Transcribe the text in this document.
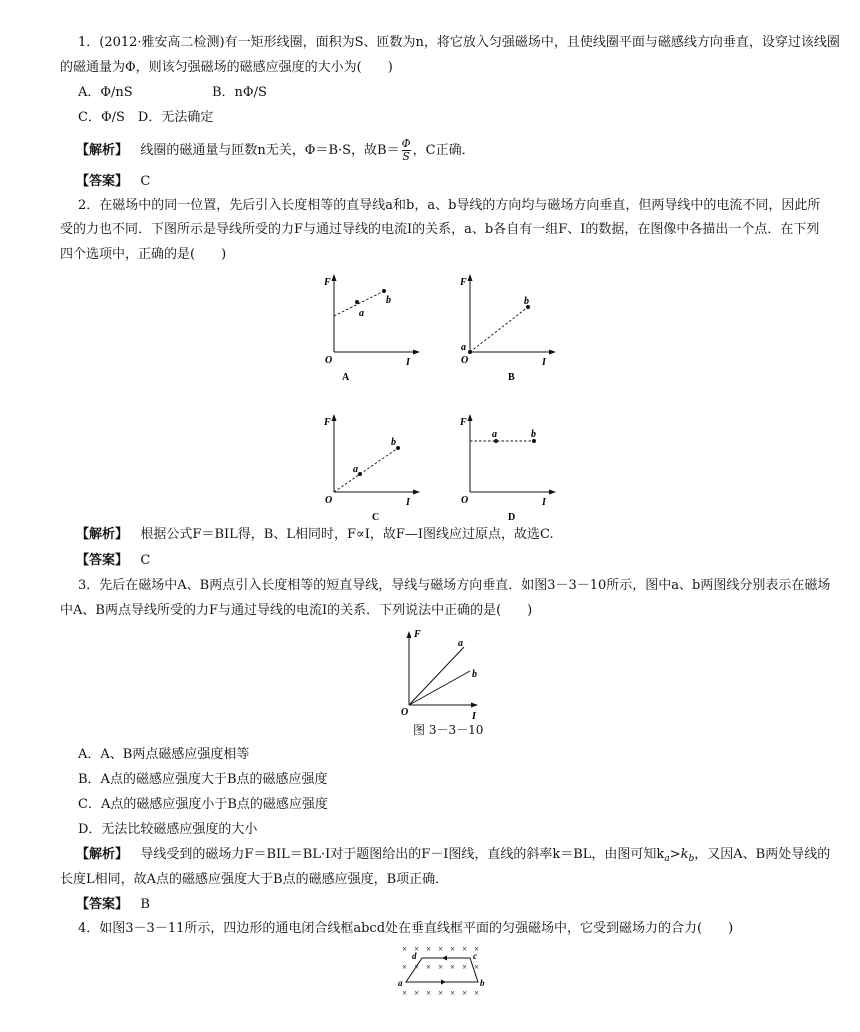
1．(2012·雅安高二检测)有一矩形线圈，面积为S、匝数为n，将它放入匀强磁场中，且使线圈平面与磁感线方向垂直，设穿过该线圈
的磁通量为Φ，则该匀强磁场的磁感应强度的大小为(　　)
A．Φ/nS	B．nΦ/S
C．Φ/S　D．无法确定
【解析】 线圈的磁通量与匝数n无关，Φ＝B·S，故$B= \frac{\Phi}{S}$ ，C正确．
【答案】 C
2．在磁场中的同一位置，先后引入长度相等的直导线a和b，a、b导线的方向均与磁场方向垂直，但两导线中的电流不同，因此所
受的力也不同．下图所示是导线所受的力F与通过导线的电流I的关系，a、b各自有一组F、I的数据，在图像中各描出一个点．在下列
四个选项中，正确的是(　　)
F
I
O
a
b
A
F
I
O
a
b
B
F
I
O
a
b
C
F
I
O
a	b
D
【解析】 根据公式F＝BIL得，B、L相同时，F∝I，故F—I图线应过原点，故选C.
【答案】 C
3．先后在磁场中A、B两点引入长度相等的短直导线，导线与磁场方向垂直．如图3－3－10所示，图中a、b两图线分别表示在磁场
中A、B两点导线所受的力F与通过导线的电流I的关系．下列说法中正确的是(　　)
F
I
O
a
b
图 3－3－10
A．A、B两点磁感应强度相等
B．A点的磁感应强度大于B点的磁感应强度
C．A点的磁感应强度小于B点的磁感应强度
D．无法比较磁感应强度的大小
【解析】 导线受到的磁场力F＝BIL＝BL·I对于题图给出的F－I图线，直线的斜率k＝BL，由图可知$k_a>k_b$，又因A、B两处导线的
长度L相同，故A点的磁感应强度大于B点的磁感应强度，B项正确．
【答案】 B
4．如图3－3－11所示，四边形的通电闭合线框abcd处在垂直线框平面的匀强磁场中，它受到磁场力的合力(　　)
× × × × × × ×
× × × × × × ×
× × × × × × ×
d	c
a	b
